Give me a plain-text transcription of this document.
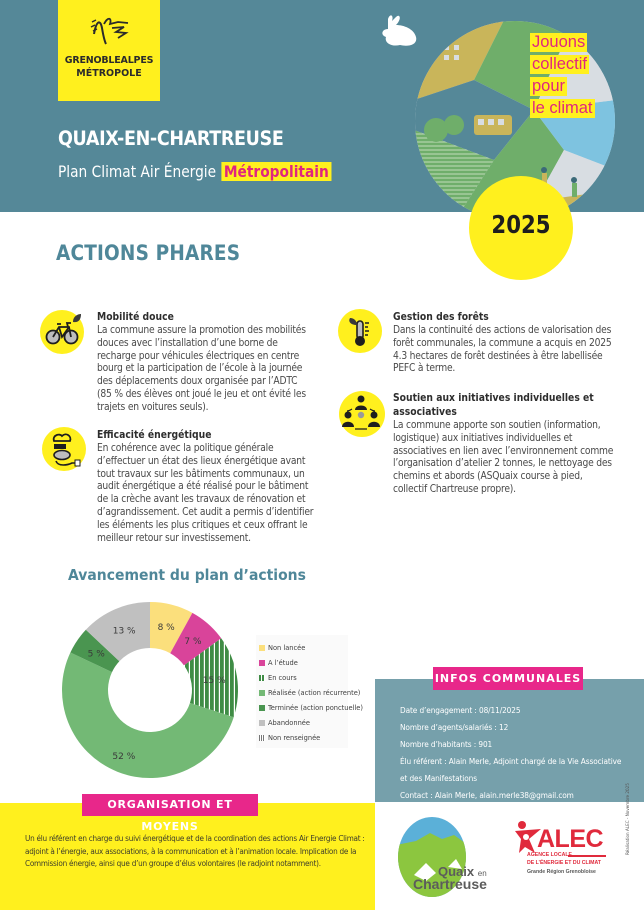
GRENOBLEALPES
MÉTROPOLE
QUAIX-EN-CHARTREUSE
Plan Climat Air Énergie Métropolitain
Jouons
collectif
pour
le climat
2025
ACTIONS PHARES
Mobilité douce
La commune assure la promotion des mobilités douces avec l’installation d’une borne de recharge pour véhicules électriques en centre bourg et la participation de l’école à la journée des déplacements doux organisée par l’ADTC (85 % des élèves ont joué le jeu et ont évité les trajets en voitures seuls).
Efficacité énergétique
En cohérence avec la politique générale d’effectuer un état des lieux énergétique avant tout travaux sur les bâtiments communaux, un audit énergétique a été réalisé pour le bâtiment de la crèche avant les travaux de rénovation et d’agrandissement. Cet audit a permis d’identifier les éléments les plus critiques et ceux offrant le meilleur retour sur investissement.
Gestion des forêts
Dans la continuité des actions de valorisation des forêt communales, la commune a acquis en 2025 4.3 hectares de forêt destinées à être labellisée PEFC à terme.
Soutien aux initiatives individuelles et associatives
La commune apporte son soutien (information, logistique) aux initiatives individuelles et associatives en lien avec l’environnement comme l’organisation d’atelier 2 tonnes, le nettoyage des chemins et abords (ASQuaix course à pied, collectif Chartreuse propre).
Avancement du plan d’actions
8 %
7 %
15 %
52 %
5 %
13 %
Non lancée
A l’étude
En cours
Réalisée (action récurrente)
Terminée (action ponctuelle)
Abandonnée
Non renseignée
Date d’engagement : 08/11/2025
Nombre d’agents/salariés : 12
Nombre d’habitants : 901
Élu référent : Alain Merle, Adjoint chargé de la Vie Associative
et des Manifestations
Contact : Alain Merle, alain.merle38@gmail.com
INFOS COMMUNALES
ORGANISATION ET MOYENS
Un élu référent en charge du suivi énergétique et de la coordination des actions Air Energie Climat : adjoint à l’énergie, aux associations, à la communication et à l’animation locale. Implication de la Commission énergie, ainsi que d’un groupe d’élus volontaires (le radjoint notamment).
Quaix en
Chartreuse
ALEC
AGENCE LOCALE
DE L’ÉNERGIE ET DU CLIMAT
Grande Région Grenobloise
Réalisation ALEC - Novembre 2025
